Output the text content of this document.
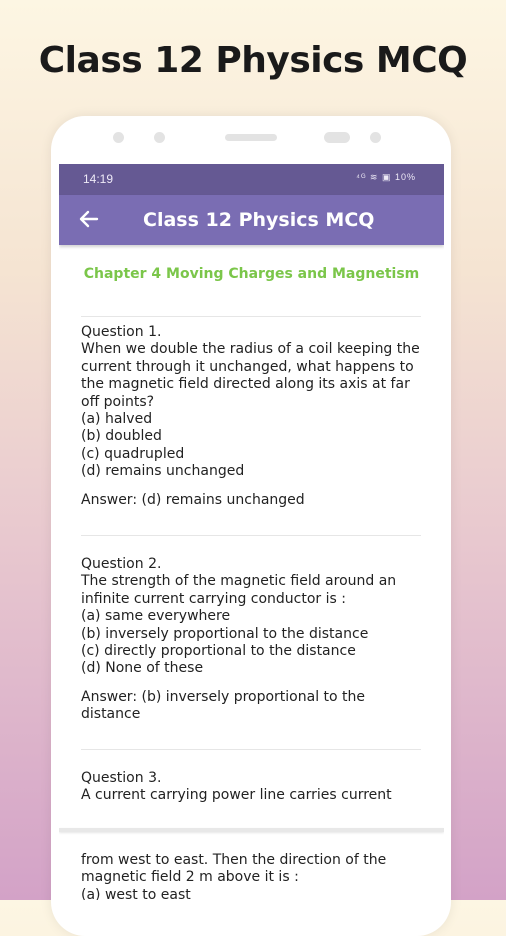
Class 12 Physics MCQ
14:19	⁴ᴳ ≋ ▣ 10%
Class 12 Physics MCQ
Chapter 4 Moving Charges and Magnetism
Question 1.
When we double the radius of a coil keeping the current through it unchanged, what happens to the magnetic field directed along its axis at far off points?
(a) halved
(b) doubled
(c) quadrupled
(d) remains unchanged
Answer: (d) remains unchanged
Question 2.
The strength of the magnetic field around an infinite current carrying conductor is :
(a) same everywhere
(b) inversely proportional to the distance
(c) directly proportional to the distance
(d) None of these
Answer: (b) inversely proportional to the distance
Question 3.
A current carrying power line carries current
from west to east. Then the direction of the magnetic field 2 m above it is :
(a) west to east
